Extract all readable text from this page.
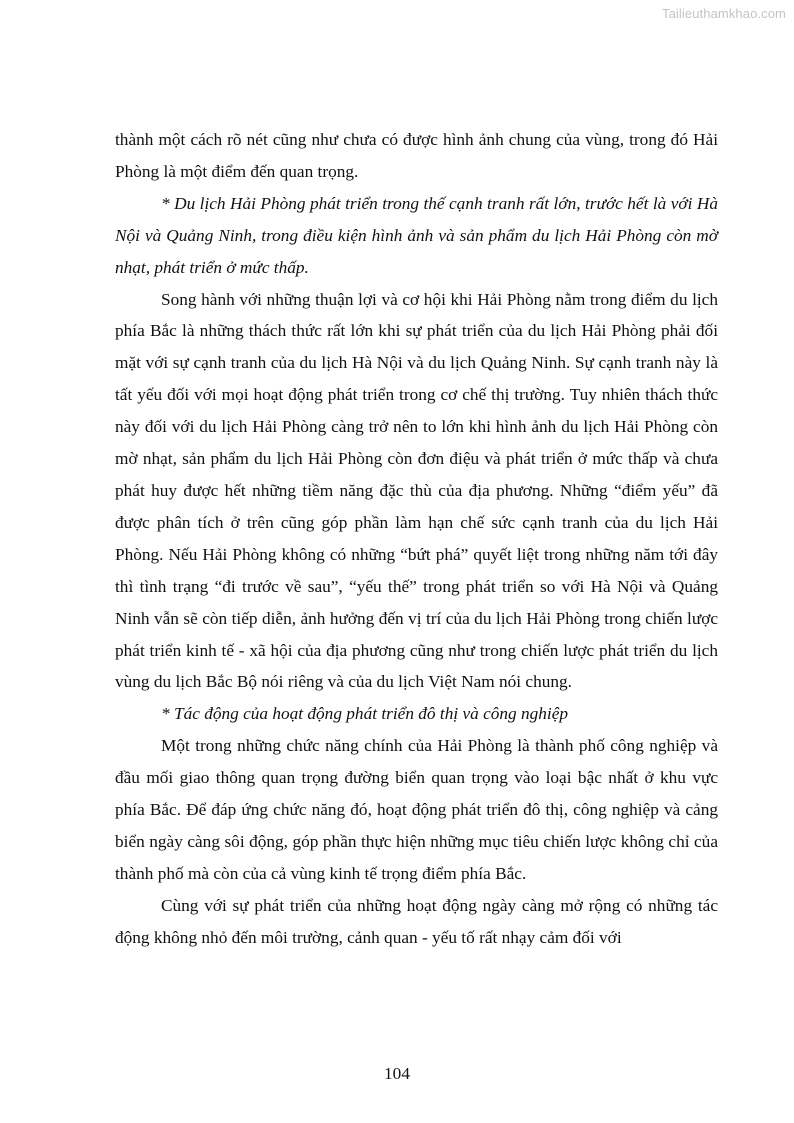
Tailieuthamkhao.com

thành một cách rõ nét cũng như chưa có được hình ảnh chung của vùng, trong đó Hải Phòng là một điểm đến quan trọng.

* Du lịch Hải Phòng phát triển trong thế cạnh tranh rất lớn, trước hết là với Hà Nội và Quảng Ninh, trong điều kiện hình ảnh và sản phẩm du lịch Hải Phòng còn mờ nhạt, phát triển ở mức thấp.

Song hành với những thuận lợi và cơ hội khi Hải Phòng nằm trong điểm du lịch phía Bắc là những thách thức rất lớn khi sự phát triển của du lịch Hải Phòng phải đối mặt với sự cạnh tranh của du lịch Hà Nội và du lịch Quảng Ninh. Sự cạnh tranh này là tất yếu đối với mọi hoạt động phát triển trong cơ chế thị trường. Tuy nhiên thách thức này đối với du lịch Hải Phòng càng trở nên to lớn khi hình ảnh du lịch Hải Phòng còn mờ nhạt, sản phẩm du lịch Hải Phòng còn đơn điệu và phát triển ở mức thấp và chưa phát huy được hết những tiềm năng đặc thù của địa phương. Những “điểm yếu” đã được phân tích ở trên cũng góp phần làm hạn chế sức cạnh tranh của du lịch Hải Phòng. Nếu Hải Phòng không có những “bứt phá” quyết liệt trong những năm tới đây thì tình trạng “đi trước về sau”, “yếu thế” trong phát triển so với Hà Nội và Quảng Ninh vẫn sẽ còn tiếp diễn, ảnh hưởng đến vị trí của du lịch Hải Phòng trong chiến lược phát triển kinh tế - xã hội của địa phương cũng như trong chiến lược phát triển du lịch vùng du lịch Bắc Bộ nói riêng và của du lịch Việt Nam nói chung.

* Tác động của hoạt động phát triển đô thị và công nghiệp

Một trong những chức năng chính của Hải Phòng là thành phố công nghiệp và đầu mối giao thông quan trọng đường biển quan trọng vào loại bậc nhất ở khu vực phía Bắc. Để đáp ứng chức năng đó, hoạt động phát triển đô thị, công nghiệp và cảng biển ngày càng sôi động, góp phần thực hiện những mục tiêu chiến lược không chỉ của thành phố mà còn của cả vùng kinh tế trọng điểm phía Bắc.

Cùng với sự phát triển của những hoạt động ngày càng mở rộng có những tác động không nhỏ đến môi trường, cảnh quan - yếu tố rất nhạy cảm đối với

104
